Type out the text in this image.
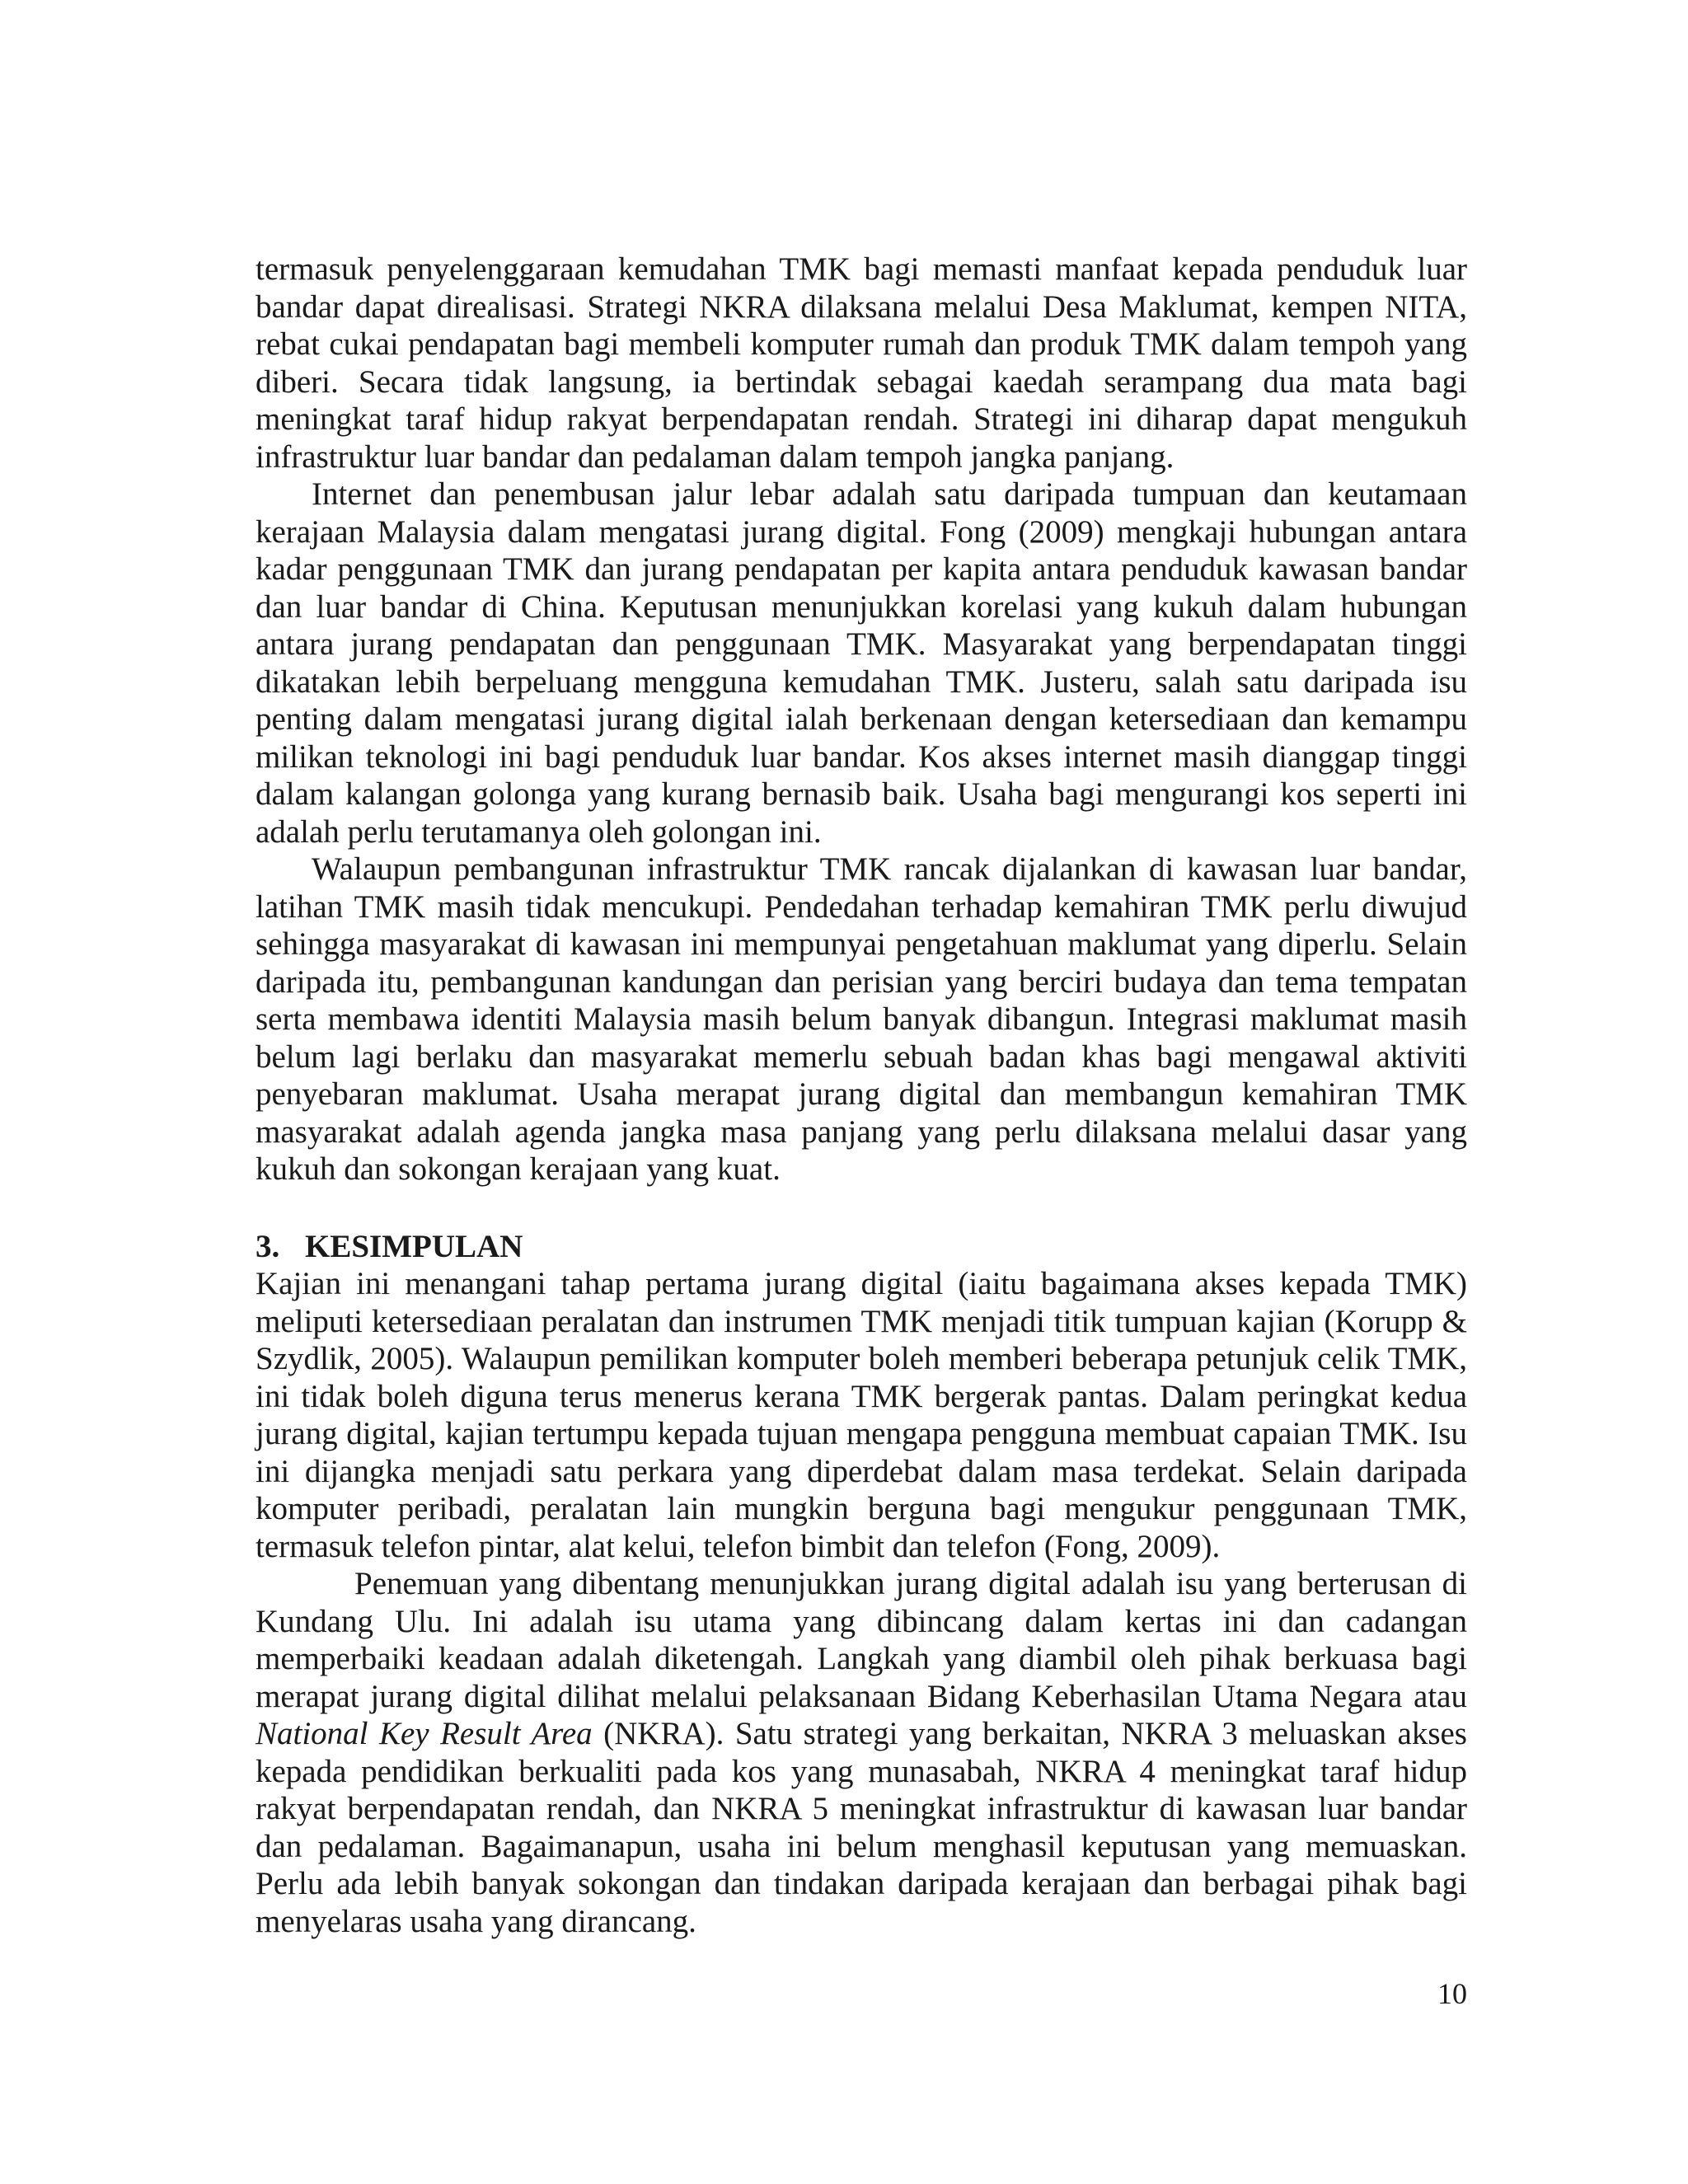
termasuk penyelenggaraan kemudahan TMK bagi memasti manfaat kepada penduduk luar bandar dapat direalisasi. Strategi NKRA dilaksana melalui Desa Maklumat, kempen NITA, rebat cukai pendapatan bagi membeli komputer rumah dan produk TMK dalam tempoh yang diberi. Secara tidak langsung, ia bertindak sebagai kaedah serampang dua mata bagi meningkat taraf hidup rakyat berpendapatan rendah. Strategi ini diharap dapat mengukuh infrastruktur luar bandar dan pedalaman dalam tempoh jangka panjang.

Internet dan penembusan jalur lebar adalah satu daripada tumpuan dan keutamaan kerajaan Malaysia dalam mengatasi jurang digital. Fong (2009) mengkaji hubungan antara kadar penggunaan TMK dan jurang pendapatan per kapita antara penduduk kawasan bandar dan luar bandar di China. Keputusan menunjukkan korelasi yang kukuh dalam hubungan antara jurang pendapatan dan penggunaan TMK. Masyarakat yang berpendapatan tinggi dikatakan lebih berpeluang mengguna kemudahan TMK. Justeru, salah satu daripada isu penting dalam mengatasi jurang digital ialah berkenaan dengan ketersediaan dan kemampu milikan teknologi ini bagi penduduk luar bandar. Kos akses internet masih dianggap tinggi dalam kalangan golonga yang kurang bernasib baik. Usaha bagi mengurangi kos seperti ini adalah perlu terutamanya oleh golongan ini.

Walaupun pembangunan infrastruktur TMK rancak dijalankan di kawasan luar bandar, latihan TMK masih tidak mencukupi. Pendedahan terhadap kemahiran TMK perlu diwujud sehingga masyarakat di kawasan ini mempunyai pengetahuan maklumat yang diperlu. Selain daripada itu, pembangunan kandungan dan perisian yang berciri budaya dan tema tempatan serta membawa identiti Malaysia masih belum banyak dibangun. Integrasi maklumat masih belum lagi berlaku dan masyarakat memerlu sebuah badan khas bagi mengawal aktiviti penyebaran maklumat. Usaha merapat jurang digital dan membangun kemahiran TMK masyarakat adalah agenda jangka masa panjang yang perlu dilaksana melalui dasar yang kukuh dan sokongan kerajaan yang kuat.

3. KESIMPULAN

Kajian ini menangani tahap pertama jurang digital (iaitu bagaimana akses kepada TMK) meliputi ketersediaan peralatan dan instrumen TMK menjadi titik tumpuan kajian (Korupp & Szydlik, 2005). Walaupun pemilikan komputer boleh memberi beberapa petunjuk celik TMK, ini tidak boleh diguna terus menerus kerana TMK bergerak pantas. Dalam peringkat kedua jurang digital, kajian tertumpu kepada tujuan mengapa pengguna membuat capaian TMK. Isu ini dijangka menjadi satu perkara yang diperdebat dalam masa terdekat. Selain daripada komputer peribadi, peralatan lain mungkin berguna bagi mengukur penggunaan TMK, termasuk telefon pintar, alat kelui, telefon bimbit dan telefon (Fong, 2009).

Penemuan yang dibentang menunjukkan jurang digital adalah isu yang berterusan di Kundang Ulu. Ini adalah isu utama yang dibincang dalam kertas ini dan cadangan memperbaiki keadaan adalah diketengah. Langkah yang diambil oleh pihak berkuasa bagi merapat jurang digital dilihat melalui pelaksanaan Bidang Keberhasilan Utama Negara atau National Key Result Area (NKRA). Satu strategi yang berkaitan, NKRA 3 meluaskan akses kepada pendidikan berkualiti pada kos yang munasabah, NKRA 4 meningkat taraf hidup rakyat berpendapatan rendah, dan NKRA 5 meningkat infrastruktur di kawasan luar bandar dan pedalaman. Bagaimanapun, usaha ini belum menghasil keputusan yang memuaskan. Perlu ada lebih banyak sokongan dan tindakan daripada kerajaan dan berbagai pihak bagi menyelaras usaha yang dirancang.

10
